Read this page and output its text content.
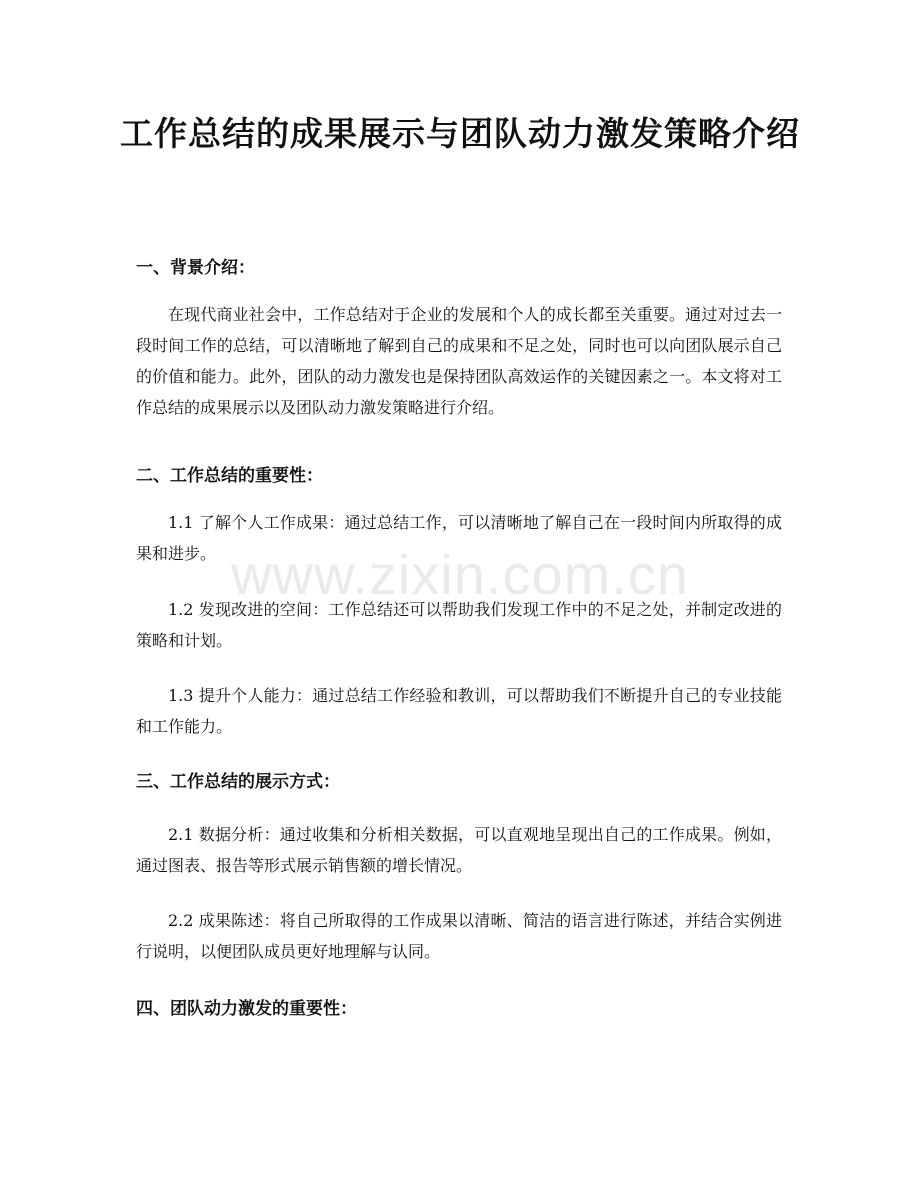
工作总结的成果展示与团队动力激发策略介绍
一、背景介绍：

在现代商业社会中，工作总结对于企业的发展和个人的成长都至关重要。通过对过去一段时间工作的总结，可以清晰地了解到自己的成果和不足之处，同时也可以向团队展示自己的价值和能力。此外，团队的动力激发也是保持团队高效运作的关键因素之一。本文将对工作总结的成果展示以及团队动力激发策略进行介绍。

二、工作总结的重要性：

1.1 了解个人工作成果：通过总结工作，可以清晰地了解自己在一段时间内所取得的成果和进步。

1.2 发现改进的空间：工作总结还可以帮助我们发现工作中的不足之处，并制定改进的策略和计划。

1.3 提升个人能力：通过总结工作经验和教训，可以帮助我们不断提升自己的专业技能和工作能力。

三、工作总结的展示方式：

2.1 数据分析：通过收集和分析相关数据，可以直观地呈现出自己的工作成果。例如，通过图表、报告等形式展示销售额的增长情况。

2.2 成果陈述：将自己所取得的工作成果以清晰、简洁的语言进行陈述，并结合实例进行说明，以便团队成员更好地理解与认同。

四、团队动力激发的重要性：
www.zixin.com.cn
